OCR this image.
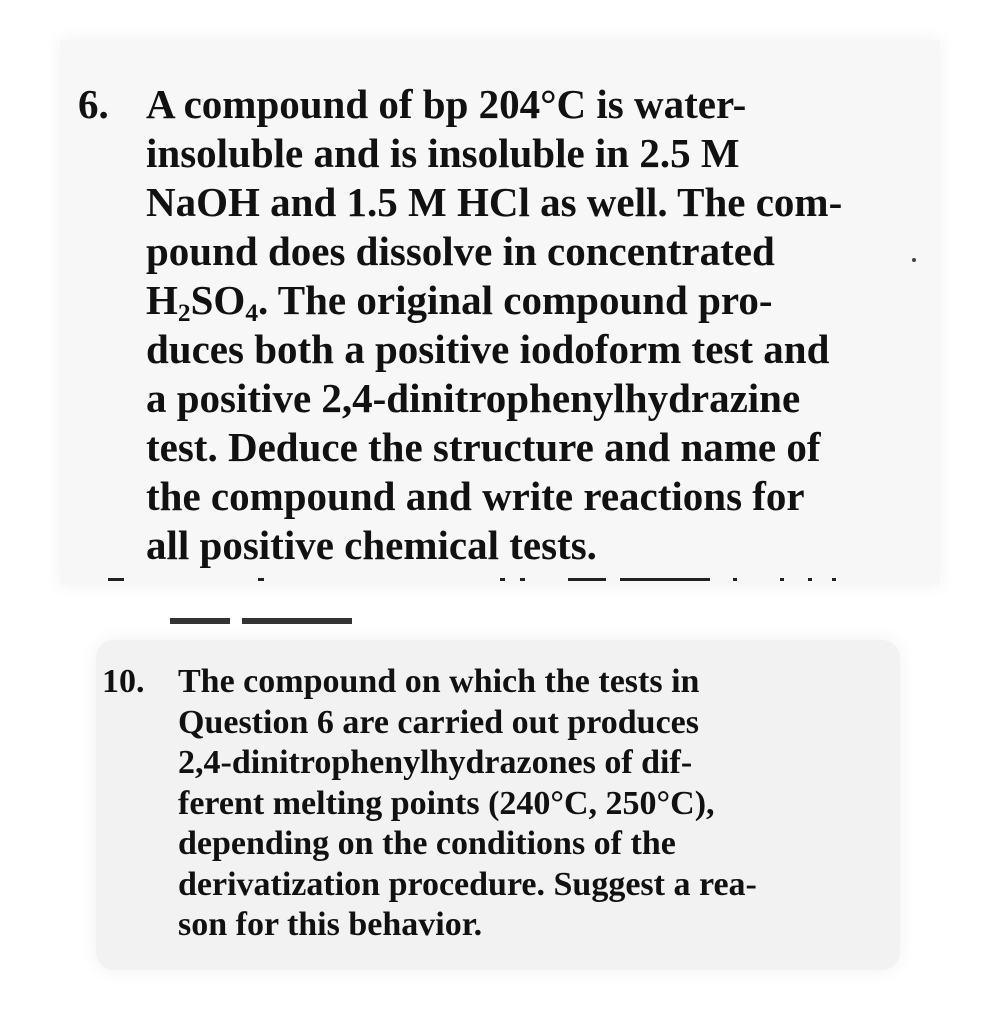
6. A compound of bp 204°C is water-
insoluble and is insoluble in 2.5 M
NaOH and 1.5 M HCl as well. The com-
pound does dissolve in concentrated
$H_2SO_4$. The original compound pro-
duces both a positive iodoform test and
a positive 2,4-dinitrophenylhydrazine
test. Deduce the structure and name of
the compound and write reactions for
all positive chemical tests.
10. The compound on which the tests in
Question 6 are carried out produces
2,4-dinitrophenylhydrazones of dif-
ferent melting points (240°C, 250°C),
depending on the conditions of the
derivatization procedure. Suggest a rea-
son for this behavior.
